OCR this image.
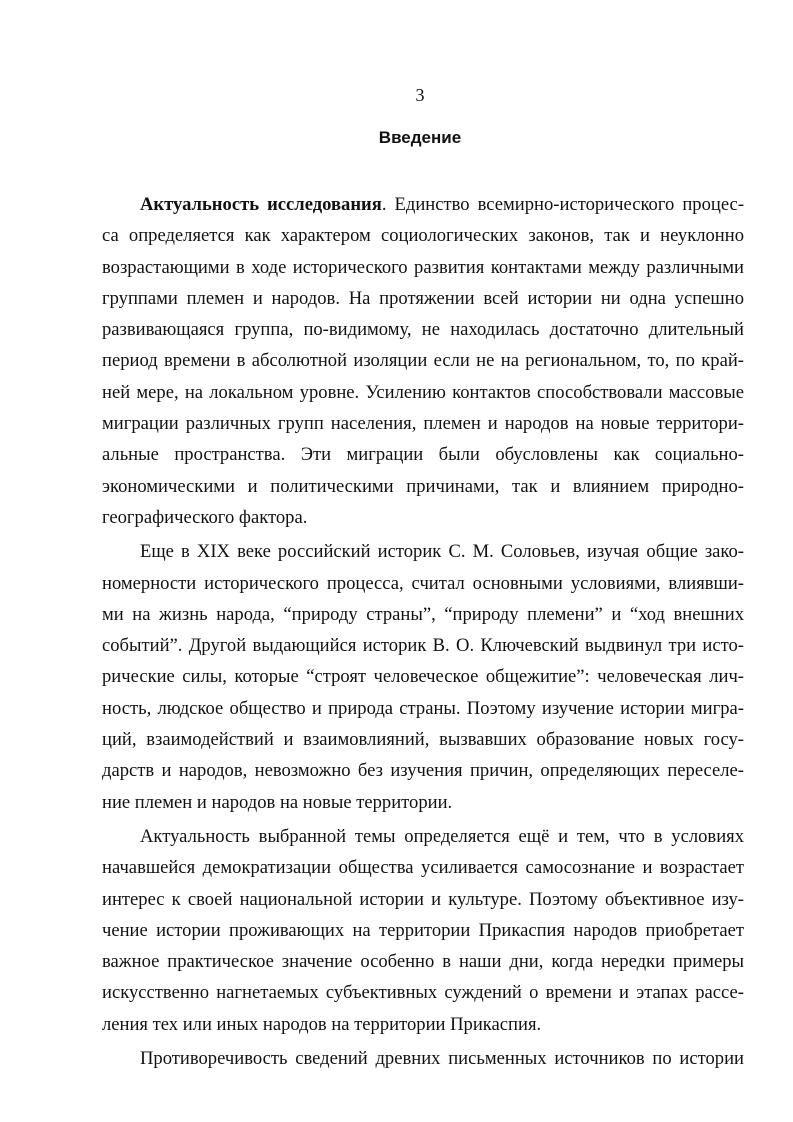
3
Введение
Актуальность исследования. Единство всемирно-исторического процес-
са определяется как характером социологических законов, так и неуклонно
возрастающими в ходе исторического развития контактами между различными
группами племен и народов. На протяжении всей истории ни одна успешно
развивающаяся группа, по-видимому, не находилась достаточно длительный
период времени в абсолютной изоляции если не на региональном, то, по край-
ней мере, на локальном уровне. Усилению контактов способствовали массовые
миграции различных групп населения, племен и народов на новые территори-
альные пространства. Эти миграции были обусловлены как социально-
экономическими и политическими причинами, так и влиянием природно-
географического фактора.
Еще в XIX веке российский историк С. М. Соловьев, изучая общие зако-
номерности исторического процесса, считал основными условиями, влиявши-
ми на жизнь народа, “природу страны”, “природу племени” и “ход внешних
событий”. Другой выдающийся историк В. О. Ключевский выдвинул три исто-
рические силы, которые “строят человеческое общежитие”: человеческая лич-
ность, людское общество и природа страны. Поэтому изучение истории мигра-
ций, взаимодействий и взаимовлияний, вызвавших образование новых госу-
дарств и народов, невозможно без изучения причин, определяющих переселе-
ние племен и народов на новые территории.
Актуальность выбранной темы определяется ещё и тем, что в условиях
начавшейся демократизации общества усиливается самосознание и возрастает
интерес к своей национальной истории и культуре. Поэтому объективное изу-
чение истории проживающих на территории Прикаспия народов приобретает
важное практическое значение особенно в наши дни, когда нередки примеры
искусственно нагнетаемых субъективных суждений о времени и этапах рассе-
ления тех или иных народов на территории Прикаспия.
Противоречивость сведений древних письменных источников по истории
